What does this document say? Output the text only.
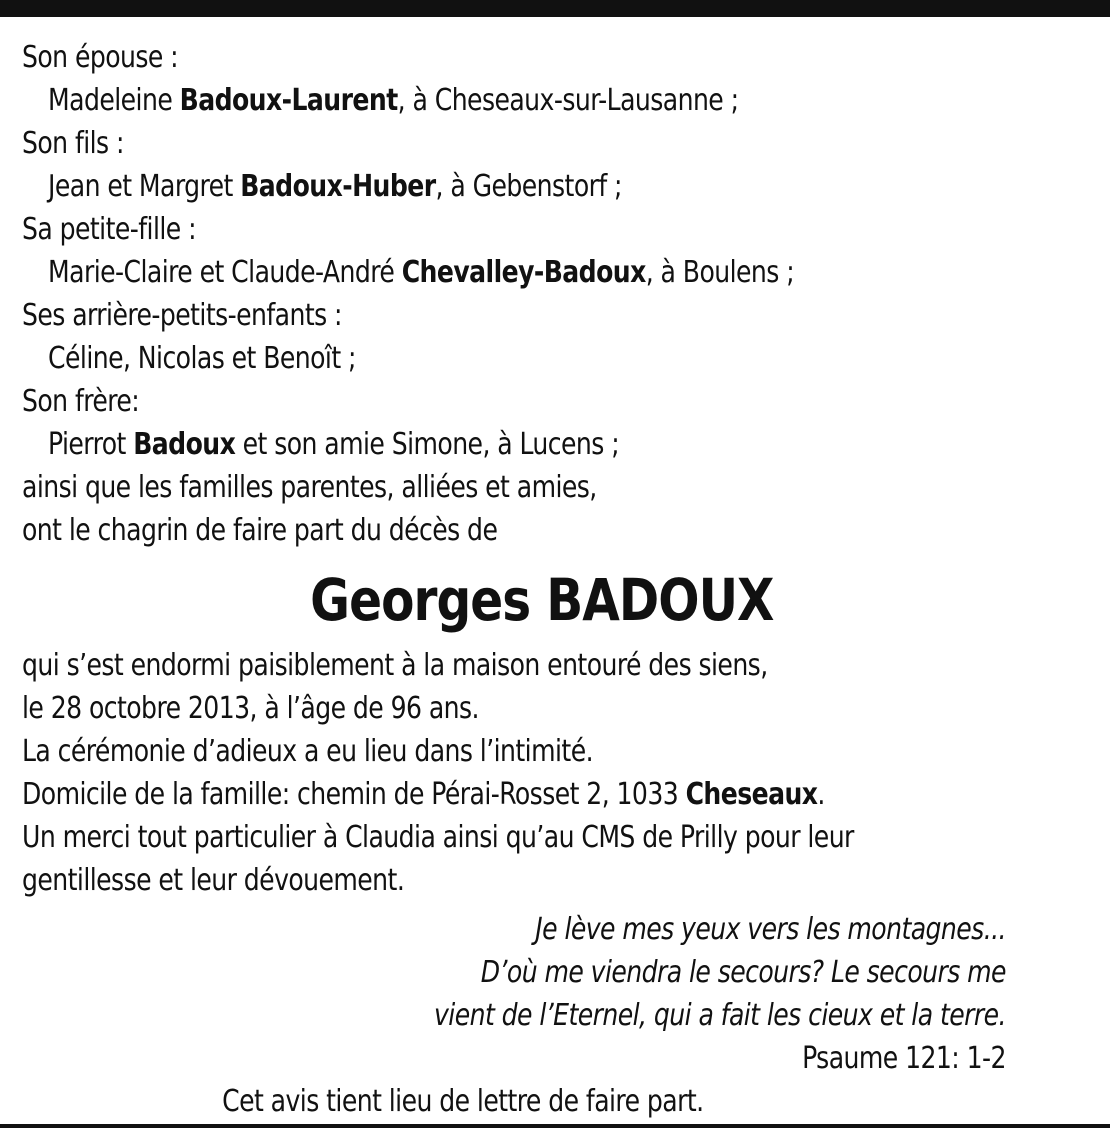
Son épouse :
Madeleine Badoux-Laurent, à Cheseaux-sur-Lausanne ;
Son fils :
Jean et Margret Badoux-Huber, à Gebenstorf ;
Sa petite-fille :
Marie-Claire et Claude-André Chevalley-Badoux, à Boulens ;
Ses arrière-petits-enfants :
Céline, Nicolas et Benoît ;
Son frère:
Pierrot Badoux et son amie Simone, à Lucens ;
ainsi que les familles parentes, alliées et amies,
ont le chagrin de faire part du décès de
Georges BADOUX
qui s’est endormi paisiblement à la maison entouré des siens,
le 28 octobre 2013, à l’âge de 96 ans.
La cérémonie d’adieux a eu lieu dans l’intimité.
Domicile de la famille: chemin de Pérai-Rosset 2, 1033 Cheseaux.
Un merci tout particulier à Claudia ainsi qu’au CMS de Prilly pour leur
gentillesse et leur dévouement.
Je lève mes yeux vers les montagnes...
D’où me viendra le secours? Le secours me
vient de l’Eternel, qui a fait les cieux et la terre.
Psaume 121: 1-2
Cet avis tient lieu de lettre de faire part.
